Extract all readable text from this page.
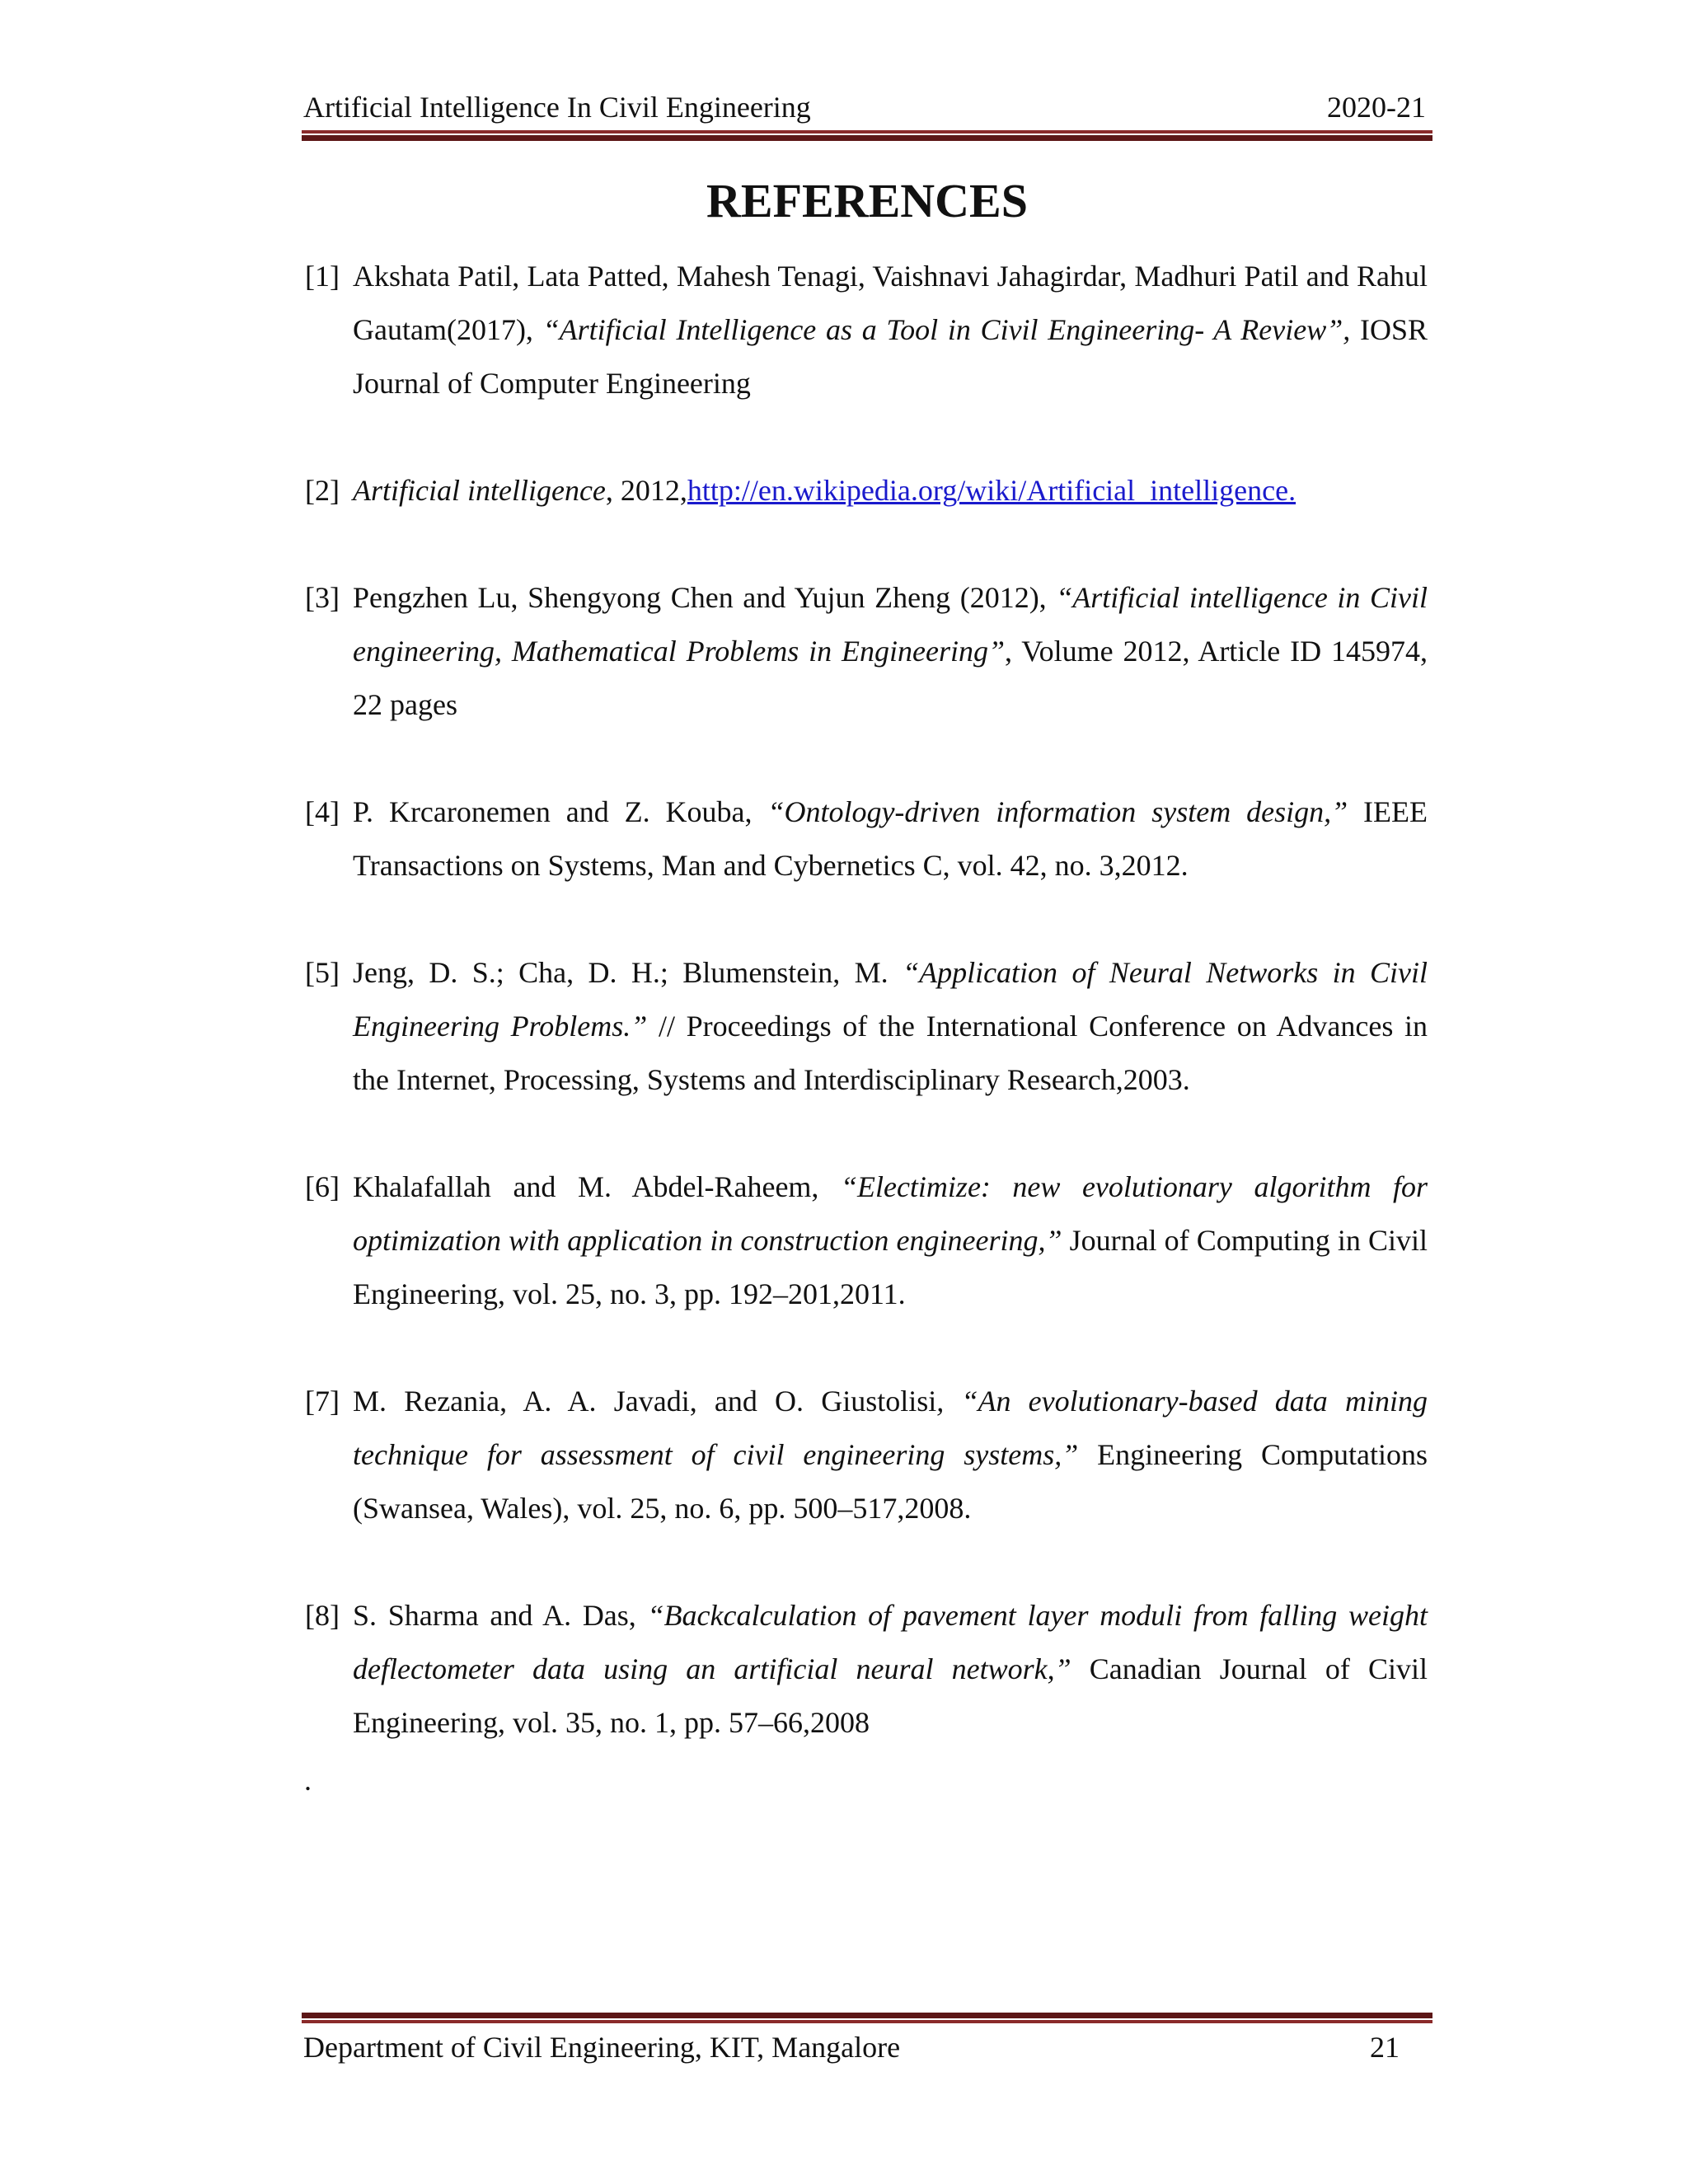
Artificial Intelligence In Civil Engineering	2020-21
REFERENCES
[1] Akshata Patil, Lata Patted, Mahesh Tenagi, Vaishnavi Jahagirdar, Madhuri Patil and Rahul Gautam(2017), “Artificial Intelligence as a Tool in Civil Engineering- A Review”, IOSR Journal of Computer Engineering
[2] Artificial intelligence, 2012,http://en.wikipedia.org/wiki/Artificial_intelligence.
[3] Pengzhen Lu, Shengyong Chen and Yujun Zheng (2012), “Artificial intelligence in Civil engineering, Mathematical Problems in Engineering”, Volume 2012, Article ID 145974, 22 pages
[4] P. Krcaronemen and Z. Kouba, “Ontology-driven information system design,” IEEE Transactions on Systems, Man and Cybernetics C, vol. 42, no. 3,2012.
[5] Jeng, D. S.; Cha, D. H.; Blumenstein, M. “Application of Neural Networks in Civil Engineering Problems.” // Proceedings of the International Conference on Advances in the Internet, Processing, Systems and Interdisciplinary Research,2003.
[6] Khalafallah and M. Abdel-Raheem, “Electimize: new evolutionary algorithm for optimization with application in construction engineering,” Journal of Computing in Civil Engineering, vol. 25, no. 3, pp. 192–201,2011.
[7] M. Rezania, A. A. Javadi, and O. Giustolisi, “An evolutionary-based data mining technique for assessment of civil engineering systems,” Engineering Computations (Swansea, Wales), vol. 25, no. 6, pp. 500–517,2008.
[8] S. Sharma and A. Das, “Backcalculation of pavement layer moduli from falling weight deflectometer data using an artificial neural network,” Canadian Journal of Civil Engineering, vol. 35, no. 1, pp. 57–66,2008
.
Department of Civil Engineering, KIT, Mangalore	21
